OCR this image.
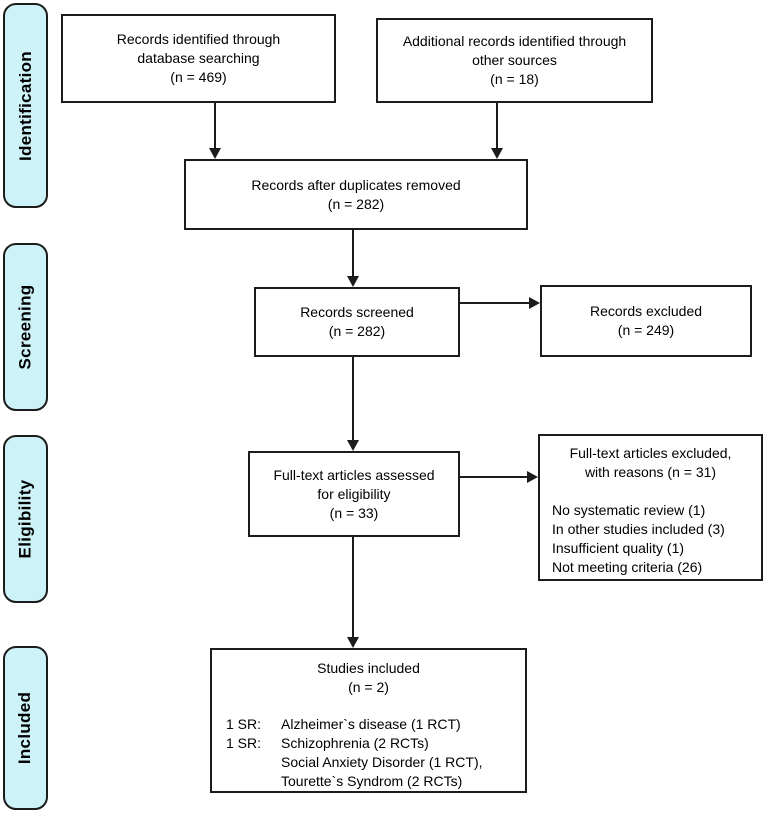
Identification
Screening
Eligibility
Included
Records identified through
database searching
(n = 469)
Additional records identified through
other sources
(n = 18)
Records after duplicates removed
(n = 282)
Records screened
(n = 282)
Records excluded
(n = 249)
Full-text articles assessed
for eligibility
(n = 33)
Full-text articles excluded,
with reasons (n = 31)
No systematic review (1)
In other studies included (3)
Insufficient quality (1)
Not meeting criteria (26)
Studies included
(n = 2)
1 SR:	Alzheimer`s disease (1 RCT)
1 SR:	Schizophrenia (2 RCTs)
Social Anxiety Disorder (1 RCT),
Tourette`s Syndrom (2 RCTs)
